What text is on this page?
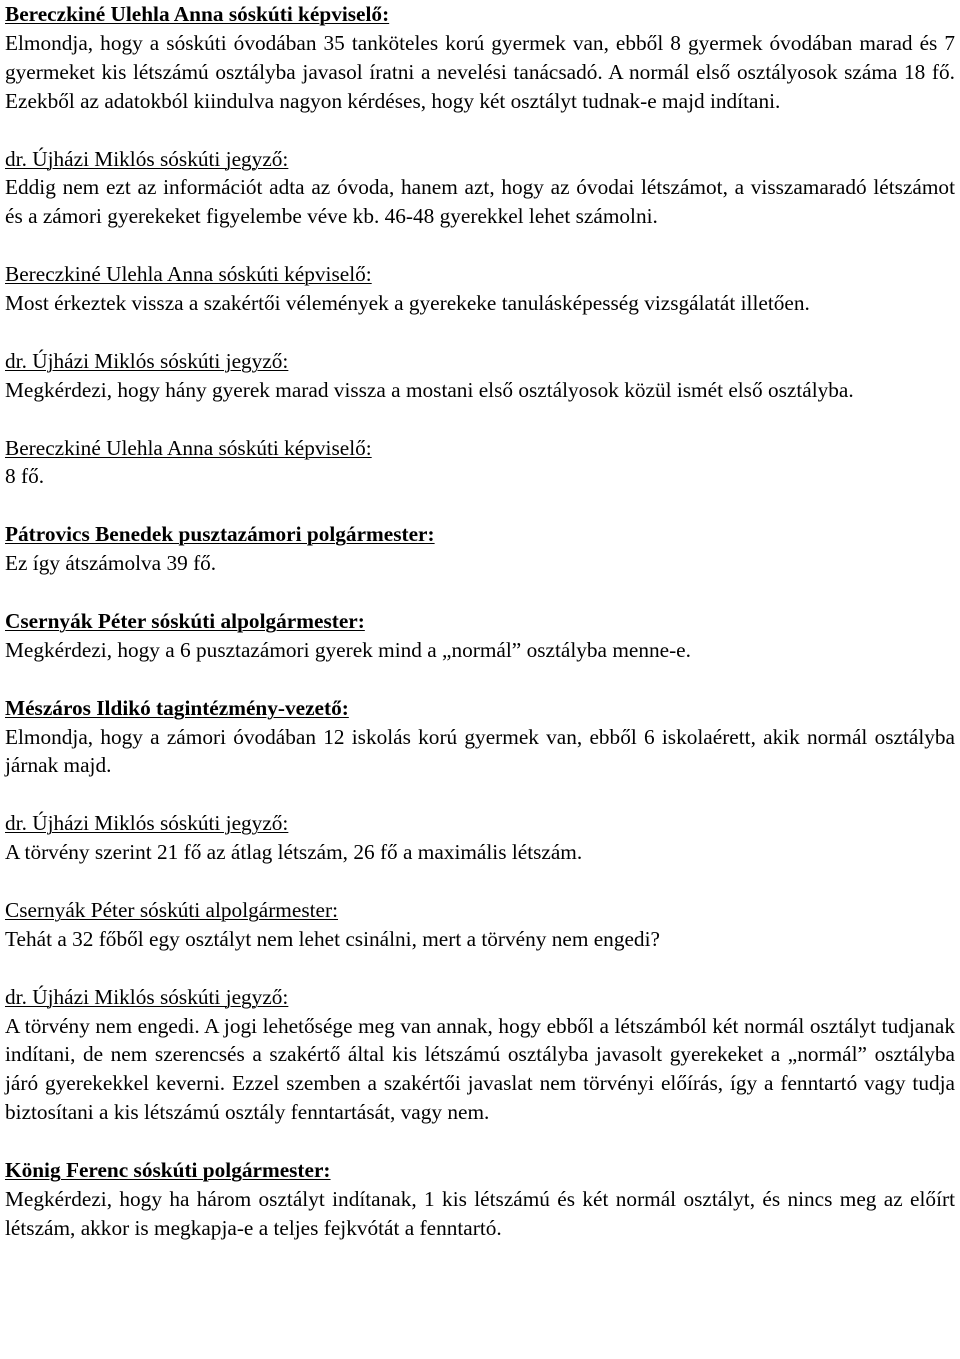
Bereczkiné Ulehla Anna sóskúti képviselő:
Elmondja, hogy a sóskúti óvodában 35 tanköteles korú gyermek van, ebből 8 gyermek óvodában marad és 7 gyermeket kis létszámú osztályba javasol íratni a nevelési tanácsadó. A normál első osztályosok száma 18 fő. Ezekből az adatokból kiindulva nagyon kérdéses, hogy két osztályt tudnak-e majd indítani.
dr. Újházi Miklós sóskúti jegyző:
Eddig nem ezt az információt adta az óvoda, hanem azt, hogy az óvodai létszámot, a visszamaradó létszámot és a zámori gyerekeket figyelembe véve kb. 46-48 gyerekkel lehet számolni.
Bereczkiné Ulehla Anna sóskúti képviselő:
Most érkeztek vissza a szakértői vélemények a gyerekeke tanulásképesség vizsgálatát illetően.
dr. Újházi Miklós sóskúti jegyző:
Megkérdezi, hogy hány gyerek marad vissza a mostani első osztályosok közül ismét első osztályba.
Bereczkiné Ulehla Anna sóskúti képviselő:
8 fő.
Pátrovics Benedek pusztazámori polgármester:
Ez így átszámolva 39 fő.
Csernyák Péter sóskúti alpolgármester:
Megkérdezi, hogy a 6 pusztazámori gyerek mind a „normál” osztályba menne-e.
Mészáros Ildikó tagintézmény-vezető:
Elmondja, hogy a zámori óvodában 12 iskolás korú gyermek van, ebből 6 iskolaérett, akik normál osztályba járnak majd.
dr. Újházi Miklós sóskúti jegyző:
A törvény szerint 21 fő az átlag létszám, 26 fő a maximális létszám.
Csernyák Péter sóskúti alpolgármester:
Tehát a 32 főből egy osztályt nem lehet csinálni, mert a törvény nem engedi?
dr. Újházi Miklós sóskúti jegyző:
A törvény nem engedi. A jogi lehetősége meg van annak, hogy ebből a létszámból két normál osztályt tudjanak indítani, de nem szerencsés a szakértő által kis létszámú osztályba javasolt gyerekeket a „normál” osztályba járó gyerekekkel keverni. Ezzel szemben a szakértői javaslat nem törvényi előírás, így a fenntartó vagy tudja biztosítani a kis létszámú osztály fenntartását, vagy nem.
König Ferenc sóskúti polgármester:
Megkérdezi, hogy ha három osztályt indítanak, 1 kis létszámú és két normál osztályt, és nincs meg az előírt létszám, akkor is megkapja-e a teljes fejkvótát a fenntartó.
